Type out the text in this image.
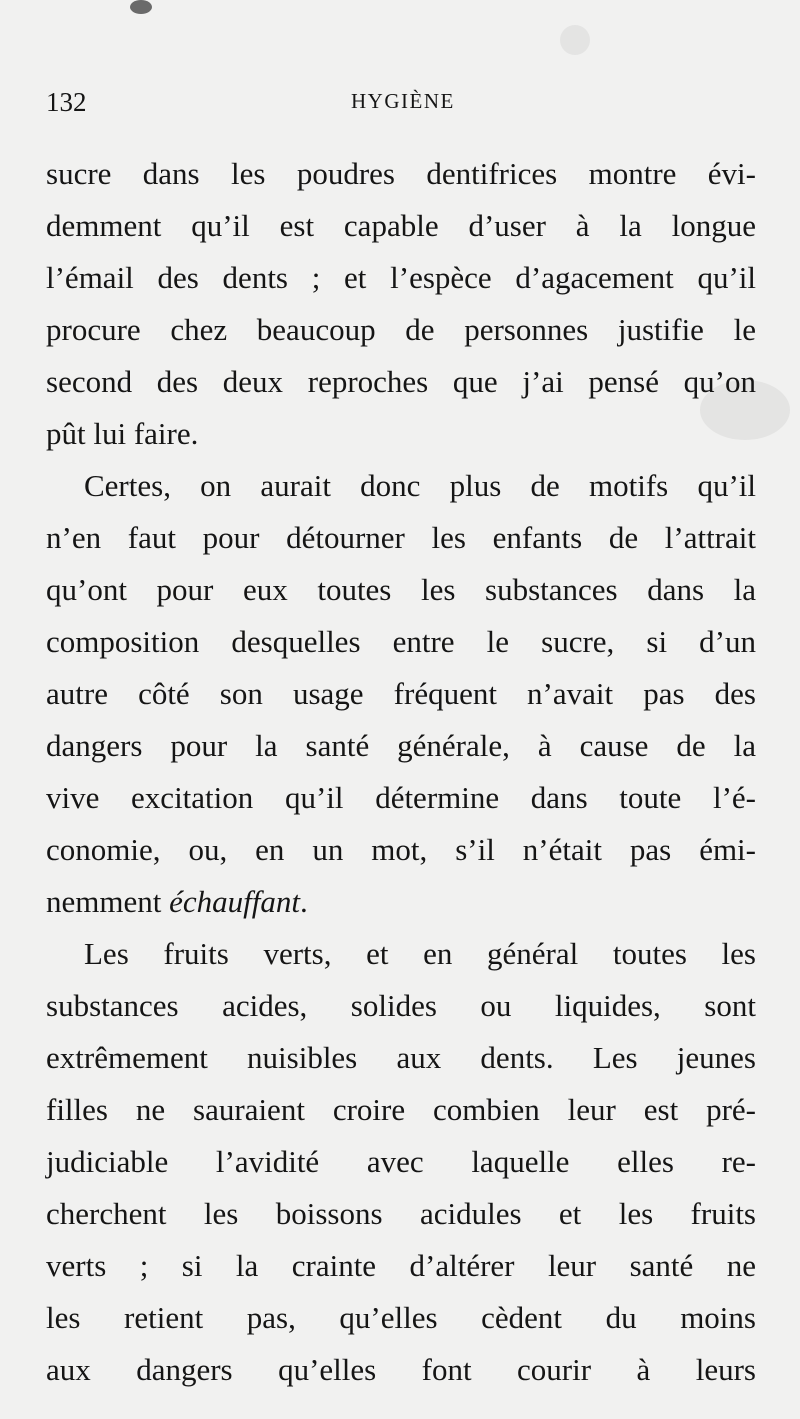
132	HYGIÈNE
sucre dans les poudres dentifrices montre évi-
demment qu’il est capable d’user à la longue
l’émail des dents ; et l’espèce d’agacement qu’il
procure chez beaucoup de personnes justifie le
second des deux reproches que j’ai pensé qu’on
pût lui faire.
Certes, on aurait donc plus de motifs qu’il
n’en faut pour détourner les enfants de l’attrait
qu’ont pour eux toutes les substances dans la
composition desquelles entre le sucre, si d’un
autre côté son usage fréquent n’avait pas des
dangers pour la santé générale, à cause de la
vive excitation qu’il détermine dans toute l’é-
conomie, ou, en un mot, s’il n’était pas émi-
nemment échauffant.
Les fruits verts, et en général toutes les
substances acides, solides ou liquides, sont
extrêmement nuisibles aux dents. Les jeunes
filles ne sauraient croire combien leur est pré-
judiciable l’avidité avec laquelle elles re-
cherchent les boissons acidules et les fruits
verts ; si la crainte d’altérer leur santé ne
les retient pas, qu’elles cèdent du moins
aux dangers qu’elles font courir à leurs
